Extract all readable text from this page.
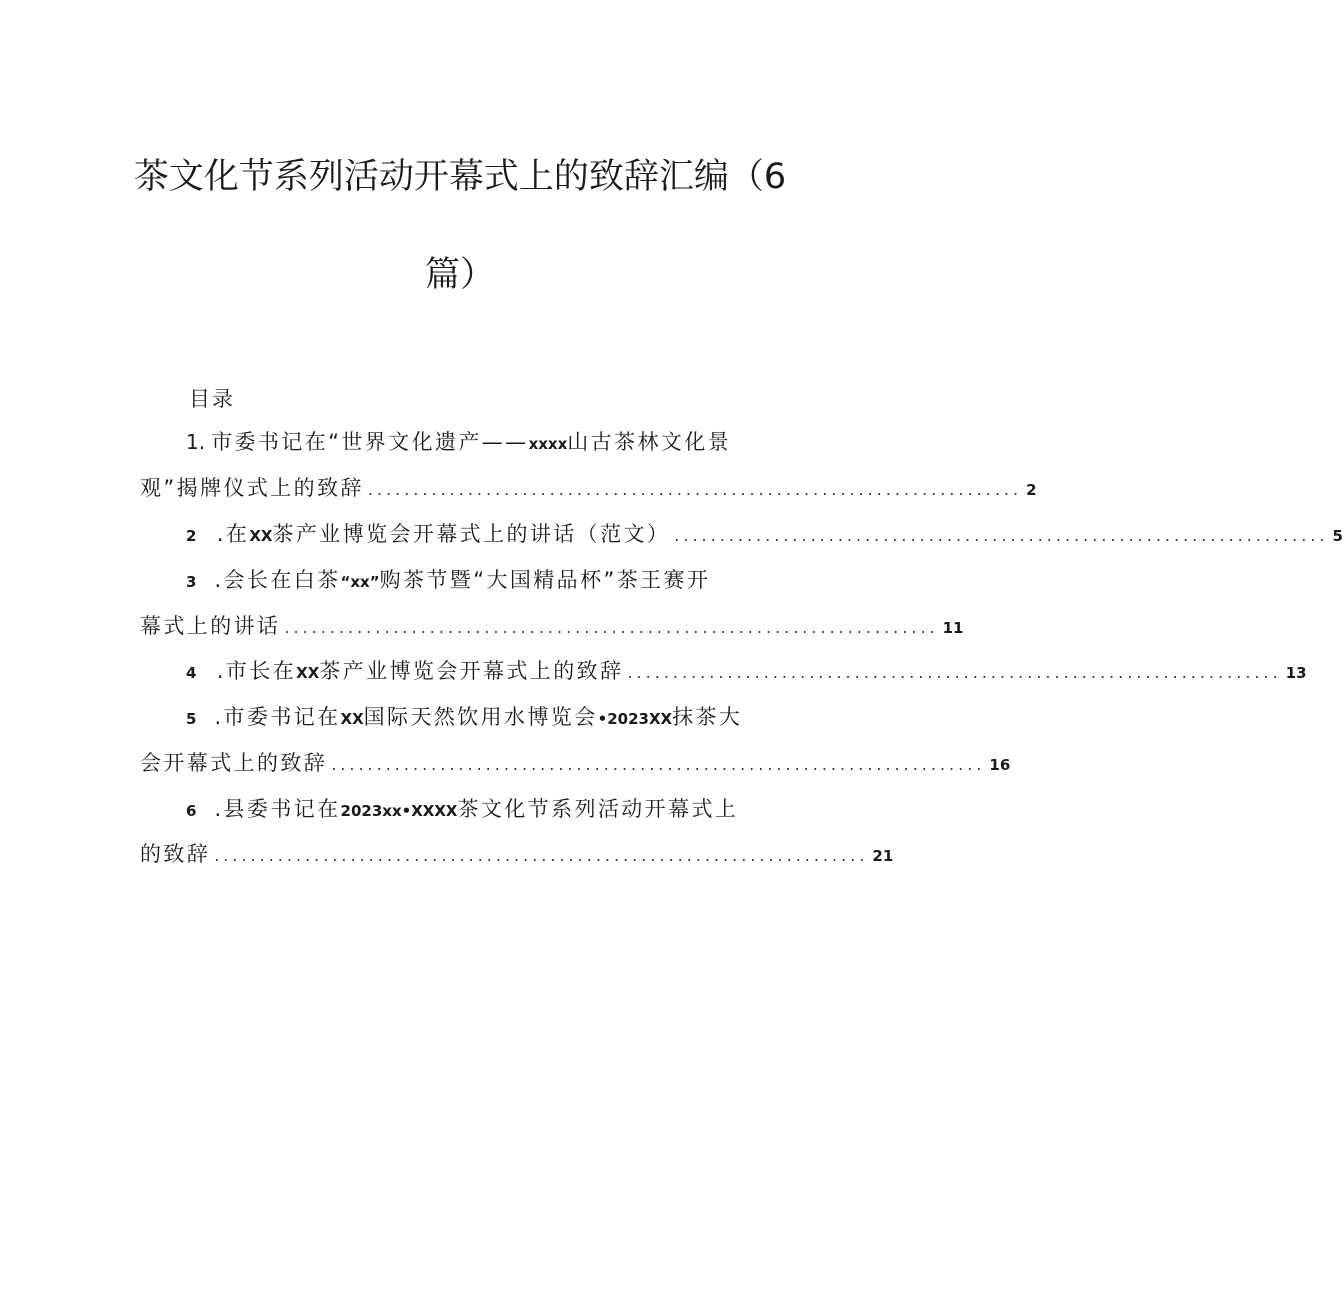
茶文化节系列活动开幕式上的致辞汇编（6
篇）
目录
1. 市委书记在“世界文化遗产——xxxx山古茶林文化景
观”揭牌仪式上的致辞 ........................................................................ 2
2 .在XX茶产业博览会开幕式上的讲话（范文） ........................................................................ 5
3 .会长在白茶“xx”购茶节暨“大国精品杯”茶王赛开
幕式上的讲话 ........................................................................ 11
4 .市长在XX茶产业博览会开幕式上的致辞 ........................................................................ 13
5 .市委书记在XX国际天然饮用水博览会•2023XX抹茶大
会开幕式上的致辞 ........................................................................ 16
6 .县委书记在2023xx•XXXX茶文化节系列活动开幕式上
的致辞 ........................................................................ 21
